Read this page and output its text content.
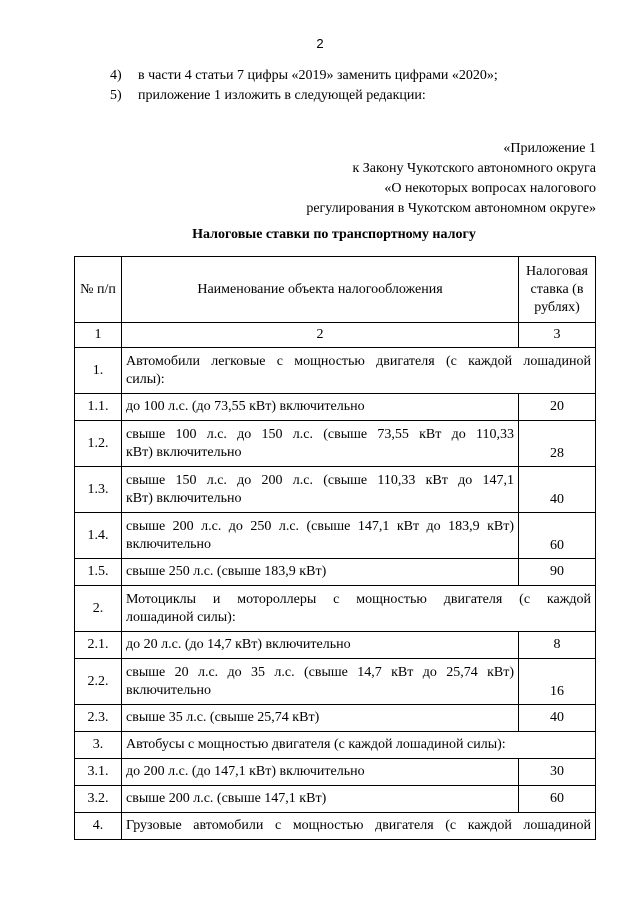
2
4) в части 4 статьи 7 цифры «2019» заменить цифрами «2020»;
5) приложение 1 изложить в следующей редакции:
«Приложение 1
к Закону Чукотского автономного округа
«О некоторых вопросах налогового
регулирования в Чукотском автономном округе»
Налоговые ставки по транспортному налогу
№ п/п	Наименование объекта налогообложения	Налоговая ставка (в рублях)
1	2	3
1.	Автомобили легковые с мощностью двигателя (с каждой лошадиной
силы):	

1.1.	до 100 л.с. (до 73,55 кВт) включительно	20
1.2.	свыше 100 л.с. до 150 л.с. (свыше 73,55 кВт до 110,33
кВт) включительно	28
1.3.	свыше 150 л.с. до 200 л.с. (свыше 110,33 кВт до 147,1
кВт) включительно	40
1.4.	свыше 200 л.с. до 250 л.с. (свыше 147,1 кВт до 183,9 кВт)
включительно	60
1.5.	свыше 250 л.с. (свыше 183,9 кВт)	90
2.	Мотоциклы и мотороллеры с мощностью двигателя (с каждой
лошадиной силы):	

2.1.	до 20 л.с. (до 14,7 кВт) включительно	8
2.2.	свыше 20 л.с. до 35 л.с. (свыше 14,7 кВт до 25,74 кВт)
включительно	16
2.3.	свыше 35 л.с. (свыше 25,74 кВт)	40
3.	Автобусы с мощностью двигателя (с каждой лошадиной силы):	

3.1.	до 200 л.с. (до 147,1 кВт) включительно	30
3.2.	свыше 200 л.с. (свыше 147,1 кВт)	60
4.	Грузовые автомобили с мощностью двигателя (с каждой лошадиной	
